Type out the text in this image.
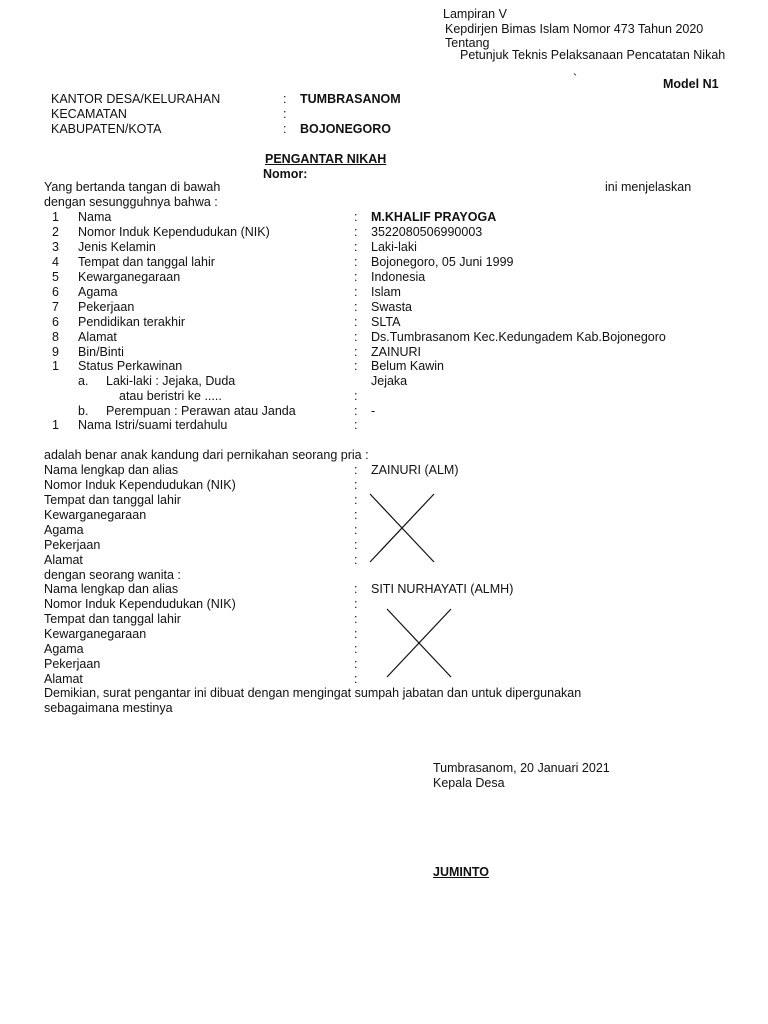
Lampiran V
Kepdirjen Bimas Islam Nomor 473 Tahun 2020
Tentang
Petunjuk Teknis Pelaksanaan Pencatatan Nikah
`	Model N1
KANTOR DESA/KELURAHAN	: TUMBRASANOM
KECAMATAN	:
KABUPATEN/KOTA	: BOJONEGORO
PENGANTAR NIKAH
Nomor:
Yang bertanda tangan di bawah	ini menjelaskan
dengan sesungguhnya bahwa :
1 Nama	: M.KHALIF PRAYOGA
2 Nomor Induk Kependudukan (NIK)	: 3522080506990003
3 Jenis Kelamin	: Laki-laki
4 Tempat dan tanggal lahir	: Bojonegoro, 05 Juni 1999
5 Kewarganegaraan	: Indonesia
6 Agama	: Islam
7 Pekerjaan	: Swasta
6 Pendidikan terakhir	: SLTA
8 Alamat	: Ds.Tumbrasanom Kec.Kedungadem Kab.Bojonegoro
9 Bin/Binti	: ZAINURI
1 Status Perkawinan	: Belum Kawin
a. Laki-laki : Jejaka, Duda	Jejaka
atau beristri ke .....	:
b. Perempuan : Perawan atau Janda	: -
1 Nama Istri/suami terdahulu	:
adalah benar anak kandung dari pernikahan seorang pria :
Nama lengkap dan alias	: ZAINURI (ALM)
Nomor Induk Kependudukan (NIK)	:
Tempat dan tanggal lahir	:
Kewarganegaraan	:
Agama	:
Pekerjaan	:
Alamat	:
dengan seorang wanita :
Nama lengkap dan alias	: SITI NURHAYATI (ALMH)
Nomor Induk Kependudukan (NIK)	:
Tempat dan tanggal lahir	:
Kewarganegaraan	:
Agama	:
Pekerjaan	:
Alamat	:
Demikian, surat pengantar ini dibuat dengan mengingat sumpah jabatan dan untuk dipergunakan
sebagaimana mestinya
Tumbrasanom, 20 Januari 2021
Kepala Desa
JUMINTO
